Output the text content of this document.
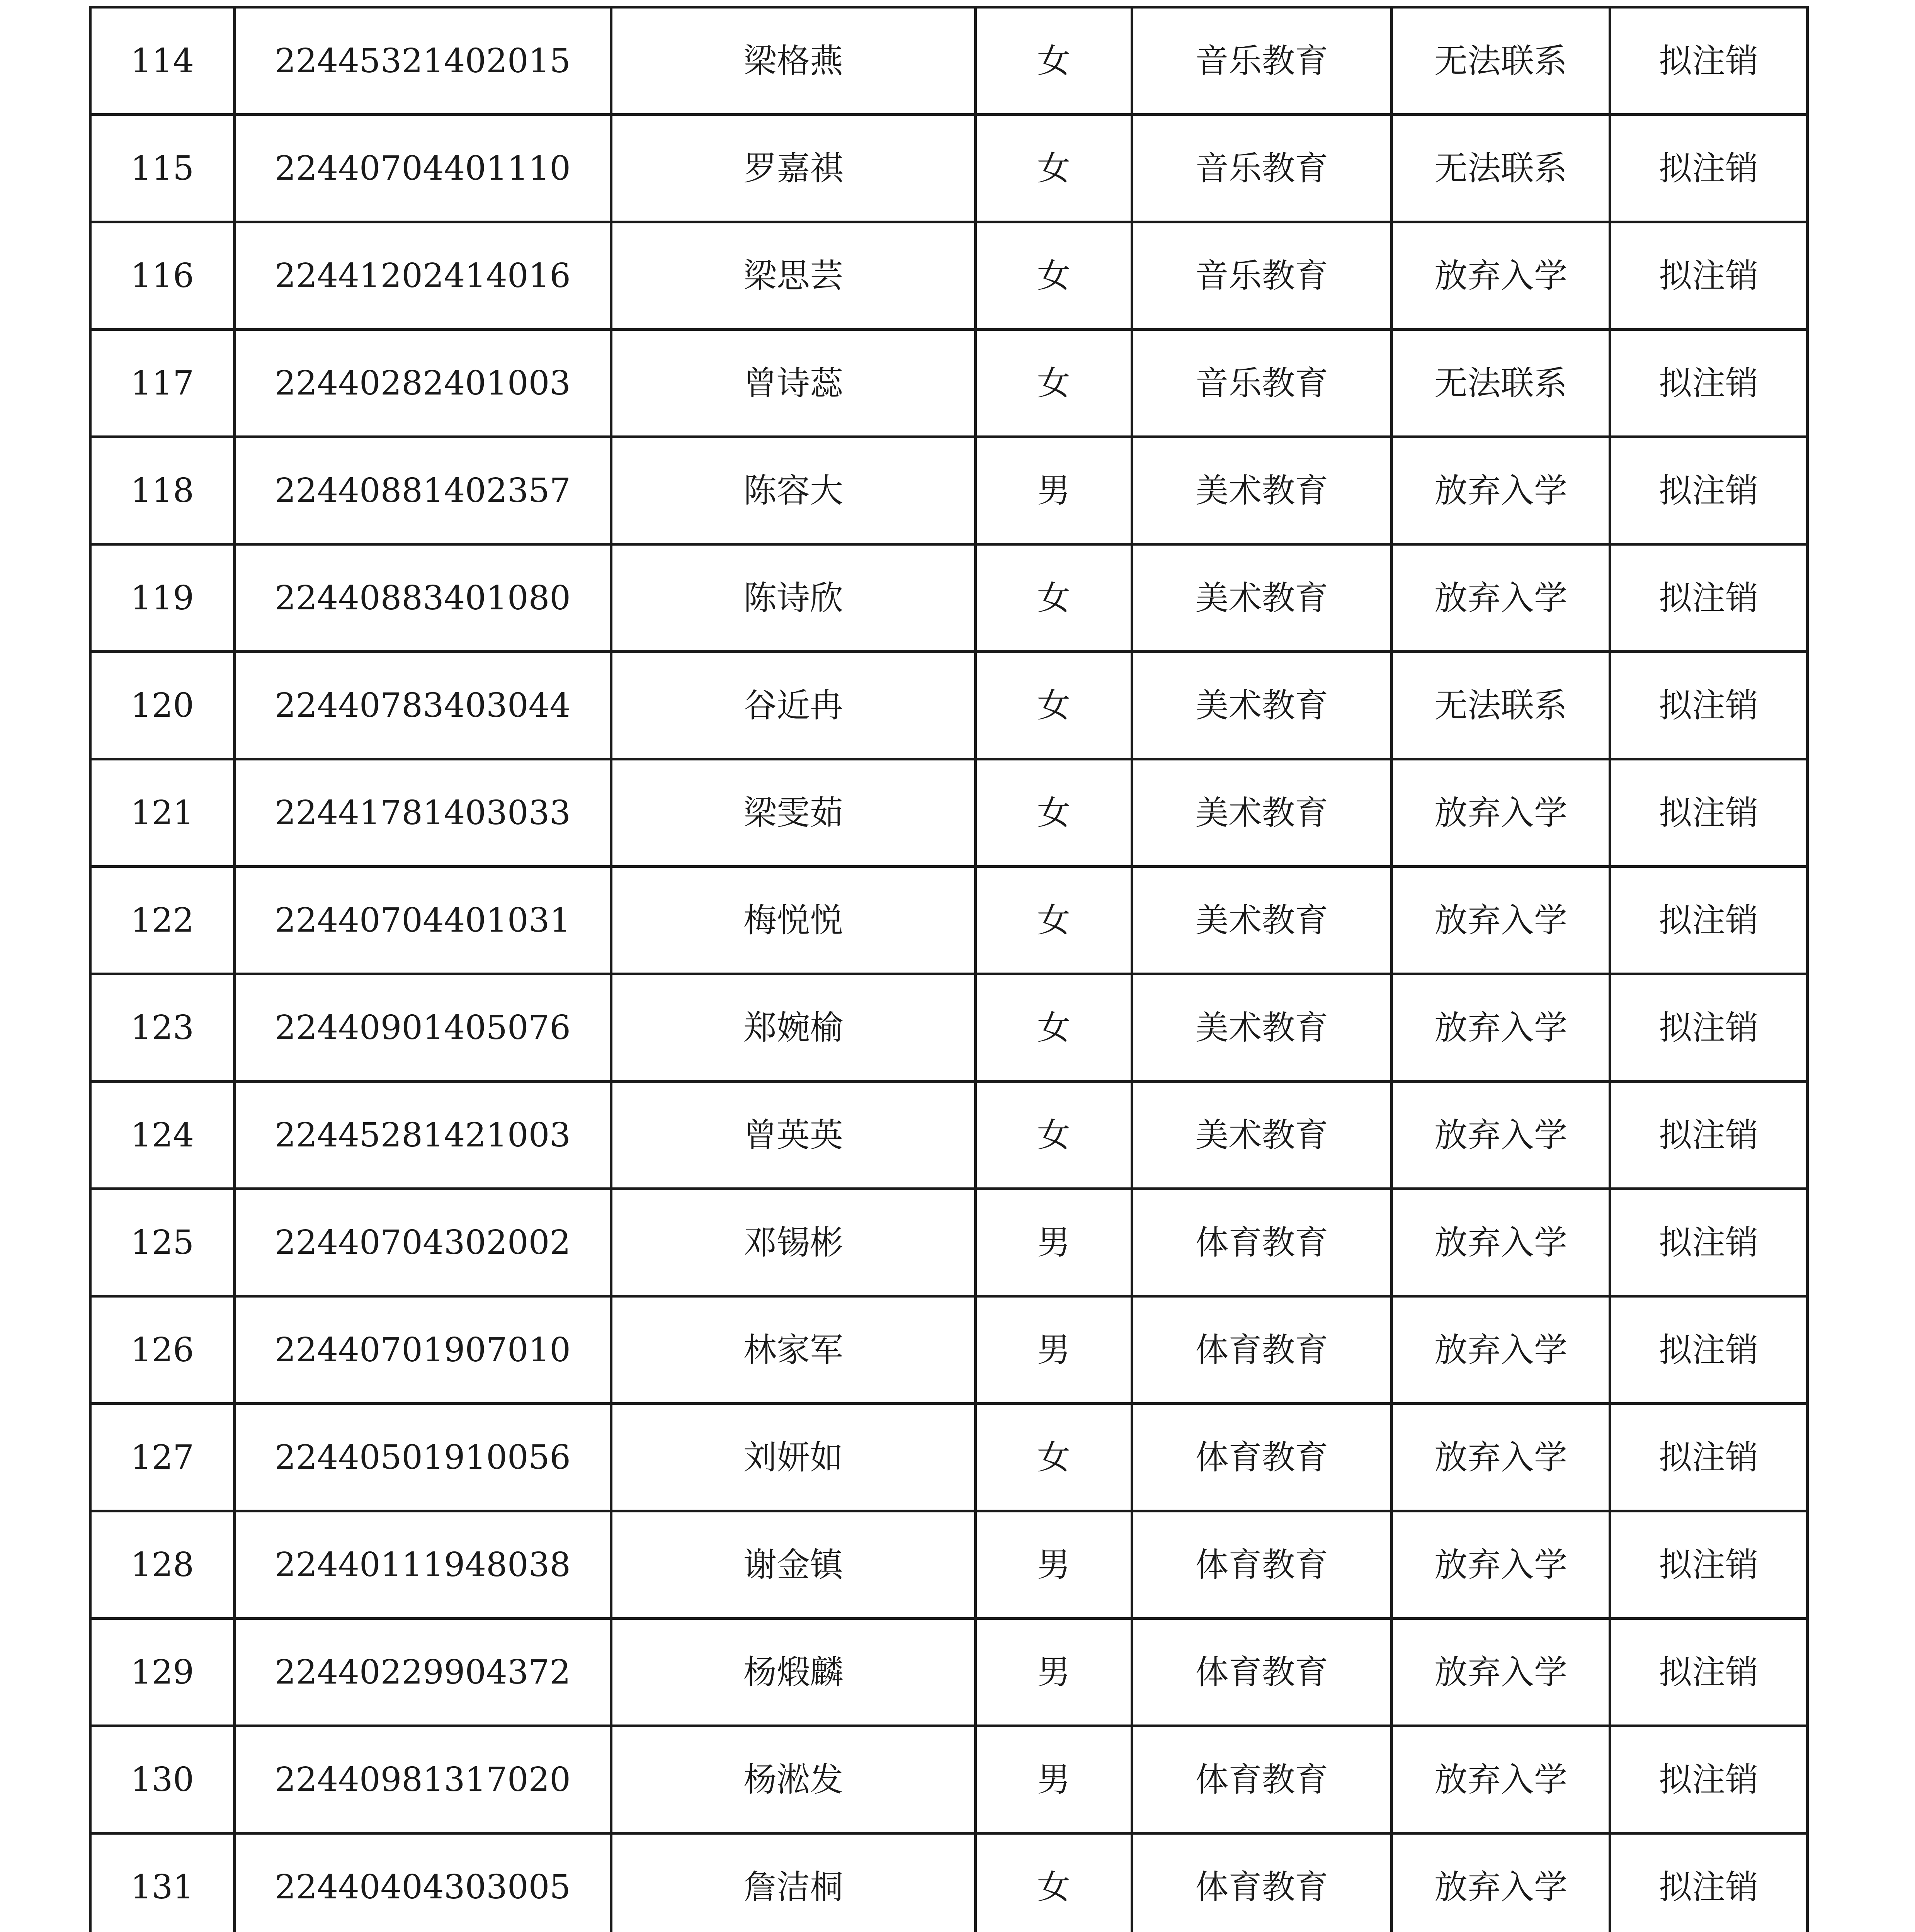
114	22445321402015	梁格燕	女	音乐教育	无法联系	拟注销
115	22440704401110	罗嘉祺	女	音乐教育	无法联系	拟注销
116	22441202414016	梁思芸	女	音乐教育	放弃入学	拟注销
117	22440282401003	曾诗蕊	女	音乐教育	无法联系	拟注销
118	22440881402357	陈容大	男	美术教育	放弃入学	拟注销
119	22440883401080	陈诗欣	女	美术教育	放弃入学	拟注销
120	22440783403044	谷近冉	女	美术教育	无法联系	拟注销
121	22441781403033	梁雯茹	女	美术教育	放弃入学	拟注销
122	22440704401031	梅悦悦	女	美术教育	放弃入学	拟注销
123	22440901405076	郑婉榆	女	美术教育	放弃入学	拟注销
124	22445281421003	曾英英	女	美术教育	放弃入学	拟注销
125	22440704302002	邓锡彬	男	体育教育	放弃入学	拟注销
126	22440701907010	林家军	男	体育教育	放弃入学	拟注销
127	22440501910056	刘妍如	女	体育教育	放弃入学	拟注销
128	22440111948038	谢金镇	男	体育教育	放弃入学	拟注销
129	22440229904372	杨煅麟	男	体育教育	放弃入学	拟注销
130	22440981317020	杨淞发	男	体育教育	放弃入学	拟注销
131	22440404303005	詹洁桐	女	体育教育	放弃入学	拟注销
